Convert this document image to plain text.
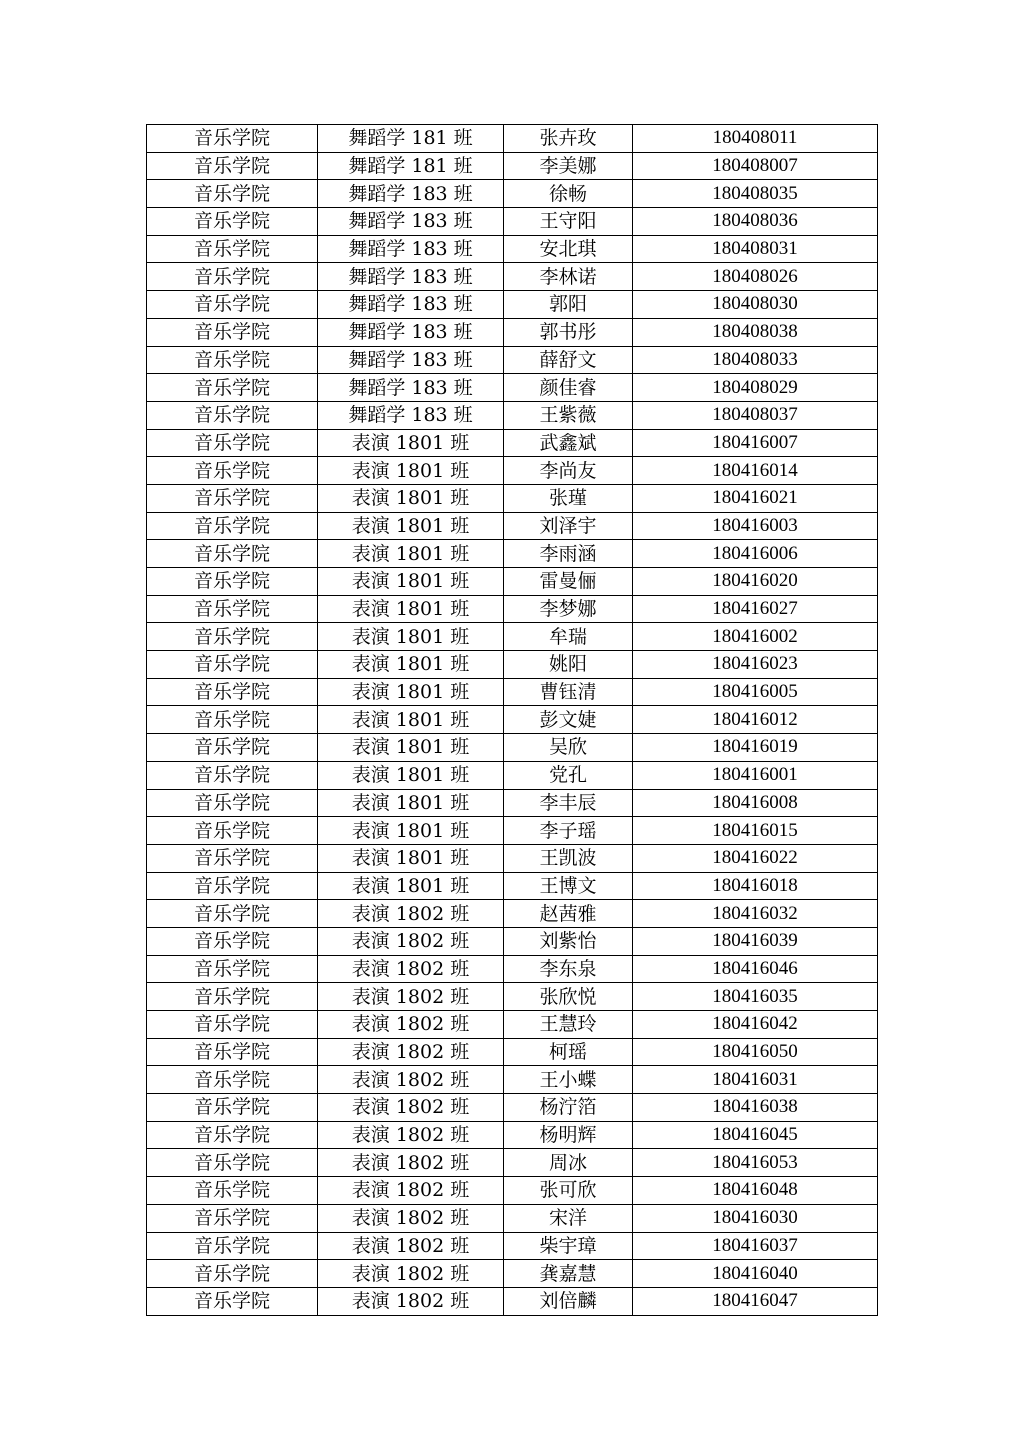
音乐学院	舞蹈学 181 班	张卉玫	180408011
音乐学院	舞蹈学 181 班	李美娜	180408007
音乐学院	舞蹈学 183 班	徐畅	180408035
音乐学院	舞蹈学 183 班	王守阳	180408036
音乐学院	舞蹈学 183 班	安北琪	180408031
音乐学院	舞蹈学 183 班	李林诺	180408026
音乐学院	舞蹈学 183 班	郭阳	180408030
音乐学院	舞蹈学 183 班	郭书彤	180408038
音乐学院	舞蹈学 183 班	薛舒文	180408033
音乐学院	舞蹈学 183 班	颜佳睿	180408029
音乐学院	舞蹈学 183 班	王紫薇	180408037
音乐学院	表演 1801 班	武鑫斌	180416007
音乐学院	表演 1801 班	李尚友	180416014
音乐学院	表演 1801 班	张瑾	180416021
音乐学院	表演 1801 班	刘泽宇	180416003
音乐学院	表演 1801 班	李雨涵	180416006
音乐学院	表演 1801 班	雷曼俪	180416020
音乐学院	表演 1801 班	李梦娜	180416027
音乐学院	表演 1801 班	牟瑞	180416002
音乐学院	表演 1801 班	姚阳	180416023
音乐学院	表演 1801 班	曹钰清	180416005
音乐学院	表演 1801 班	彭文婕	180416012
音乐学院	表演 1801 班	吴欣	180416019
音乐学院	表演 1801 班	党孔	180416001
音乐学院	表演 1801 班	李丰辰	180416008
音乐学院	表演 1801 班	李子瑶	180416015
音乐学院	表演 1801 班	王凯波	180416022
音乐学院	表演 1801 班	王博文	180416018
音乐学院	表演 1802 班	赵茜雅	180416032
音乐学院	表演 1802 班	刘紫怡	180416039
音乐学院	表演 1802 班	李东泉	180416046
音乐学院	表演 1802 班	张欣悦	180416035
音乐学院	表演 1802 班	王慧玲	180416042
音乐学院	表演 1802 班	柯瑶	180416050
音乐学院	表演 1802 班	王小蝶	180416031
音乐学院	表演 1802 班	杨泞箔	180416038
音乐学院	表演 1802 班	杨明辉	180416045
音乐学院	表演 1802 班	周冰	180416053
音乐学院	表演 1802 班	张可欣	180416048
音乐学院	表演 1802 班	宋洋	180416030
音乐学院	表演 1802 班	柴宇璋	180416037
音乐学院	表演 1802 班	龚嘉慧	180416040
音乐学院	表演 1802 班	刘倍麟	180416047
